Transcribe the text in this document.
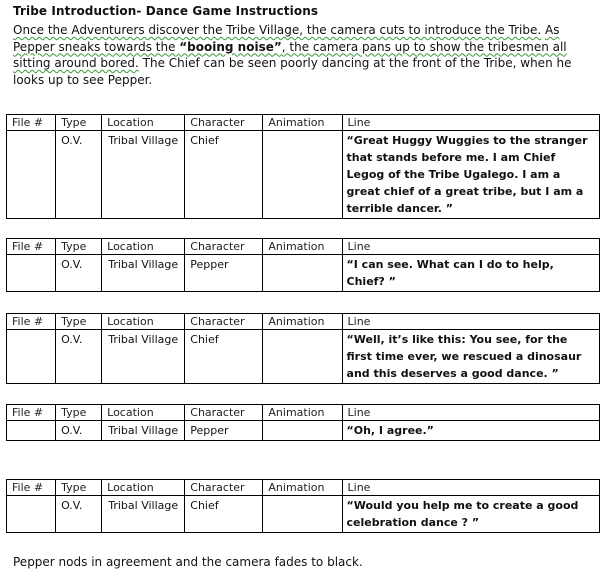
Tribe Introduction- Dance Game Instructions
Once the Adventurers discover the Tribe Village, the camera cuts to introduce the Tribe. As Pepper sneaks towards the “booing noise”, the camera pans up to show the tribesmen all sitting around bored. The Chief can be seen poorly dancing at the front of the Tribe, when he looks up to see Pepper.
File #	Type	Location	Character	Animation	Line
	O.V.	Tribal Village	Chief		“Great Huggy Wuggies to the stranger that stands before me. I am Chief Legog of the Tribe Ugalego. I am a great chief of a great tribe, but I am a terrible dancer. ”
File #	Type	Location	Character	Animation	Line
	O.V.	Tribal Village	Pepper		“I can see. What can I do to help, Chief? ”
File #	Type	Location	Character	Animation	Line
	O.V.	Tribal Village	Chief		“Well, it’s like this: You see, for the first time ever, we rescued a dinosaur and this deserves a good dance. ”
File #	Type	Location	Character	Animation	Line
	O.V.	Tribal Village	Pepper		“Oh, I agree.”
File #	Type	Location	Character	Animation	Line
	O.V.	Tribal Village	Chief		“Would you help me to create a good celebration dance ? ”
Pepper nods in agreement and the camera fades to black.
